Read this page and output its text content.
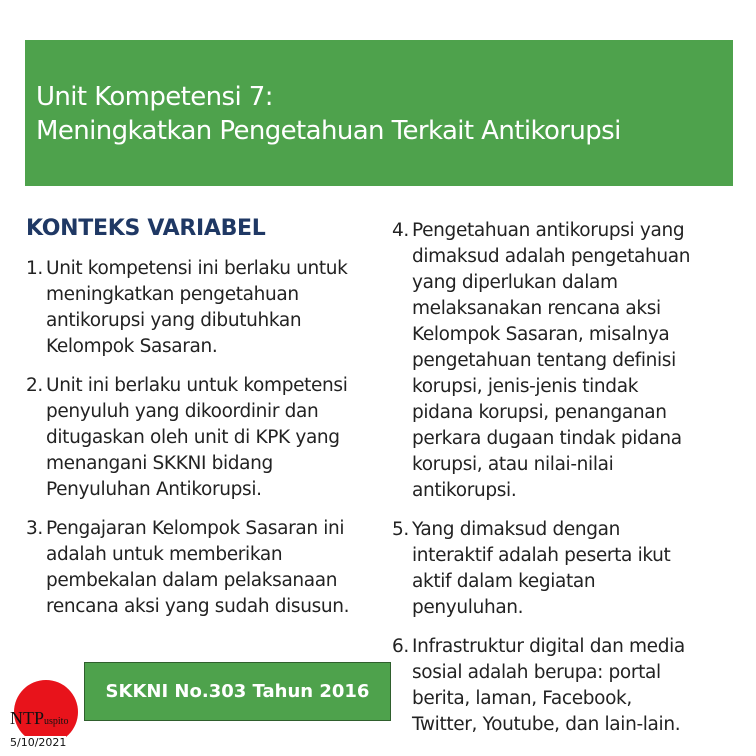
Unit Kompetensi 7:
Meningkatkan Pengetahuan Terkait Antikorupsi
KONTEKS VARIABEL
1. Unit kompetensi ini berlaku untuk
meningkatkan pengetahuan
antikorupsi yang dibutuhkan
Kelompok Sasaran.
2. Unit ini berlaku untuk kompetensi
penyuluh yang dikoordinir dan
ditugaskan oleh unit di KPK yang
menangani SKKNI bidang
Penyuluhan Antikorupsi.
3. Pengajaran Kelompok Sasaran ini
adalah untuk memberikan
pembekalan dalam pelaksanaan
rencana aksi yang sudah disusun.
4. Pengetahuan antikorupsi yang
dimaksud adalah pengetahuan
yang diperlukan dalam
melaksanakan rencana aksi
Kelompok Sasaran, misalnya
pengetahuan tentang definisi
korupsi, jenis-jenis tindak
pidana korupsi, penanganan
perkara dugaan tindak pidana
korupsi, atau nilai-nilai
antikorupsi.
5. Yang dimaksud dengan
interaktif adalah peserta ikut
aktif dalam kegiatan
penyuluhan.
6. Infrastruktur digital dan media
sosial adalah berupa: portal
berita, laman, Facebook,
Twitter, Youtube, dan lain-lain.
SKKNI No.303 Tahun 2016
NTPuspito
5/10/2021
